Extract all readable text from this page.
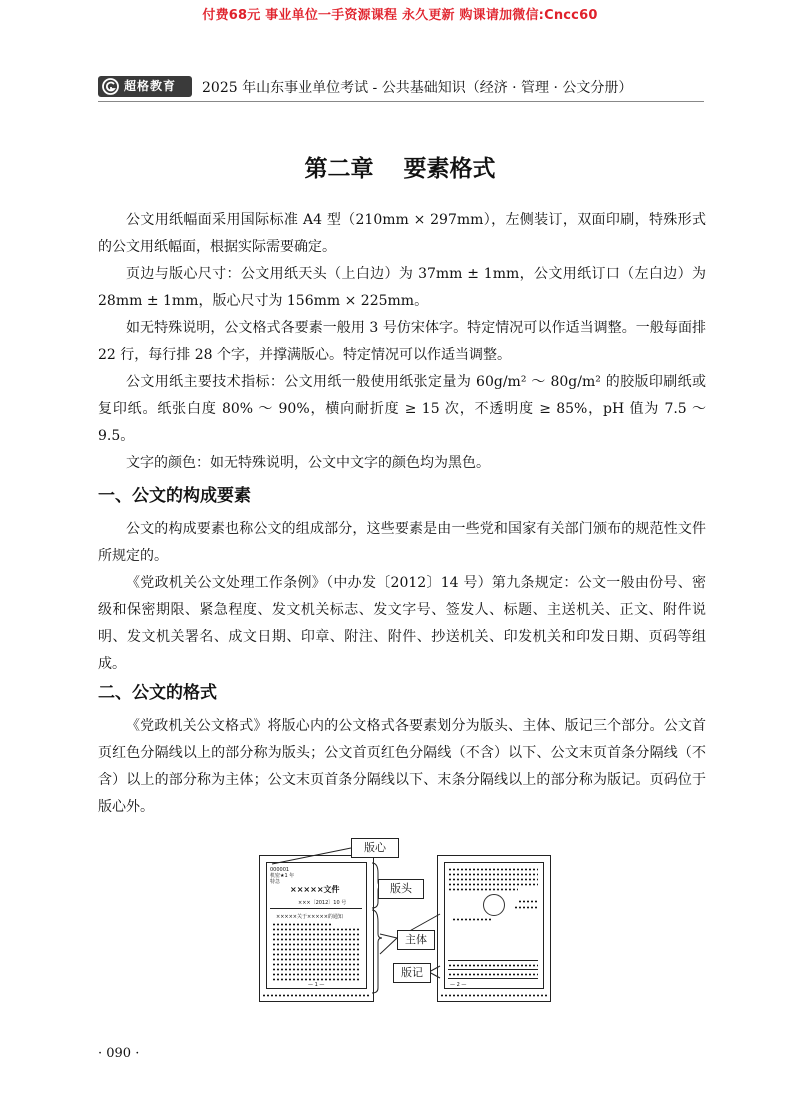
付费68元 事业单位一手资源课程 永久更新 购课请加微信:Cncc60
超格教育 2025 年山东事业单位考试 - 公共基础知识（经济 · 管理 · 公文分册）
第二章 要素格式

公文用纸幅面采用国际标准 A4 型（210mm × 297mm），左侧装订，双面印刷，特殊形式的公文用纸幅面，根据实际需要确定。

页边与版心尺寸：公文用纸天头（上白边）为 37mm ± 1mm，公文用纸订口（左白边）为 28mm ± 1mm，版心尺寸为 156mm × 225mm。

如无特殊说明，公文格式各要素一般用 3 号仿宋体字。特定情况可以作适当调整。一般每面排 22 行，每行排 28 个字，并撑满版心。特定情况可以作适当调整。

公文用纸主要技术指标：公文用纸一般使用纸张定量为 60g/m² ～ 80g/m² 的胶版印刷纸或复印纸。纸张白度 80% ～ 90%，横向耐折度 ≥ 15 次，不透明度 ≥ 85%，pH 值为 7.5 ～ 9.5。

文字的颜色：如无特殊说明，公文中文字的颜色均为黑色。

一、公文的构成要素

公文的构成要素也称公文的组成部分，这些要素是由一些党和国家有关部门颁布的规范性文件所规定的。

《党政机关公文处理工作条例》（中办发〔2012〕14 号）第九条规定：公文一般由份号、密级和保密期限、紧急程度、发文机关标志、发文字号、签发人、标题、主送机关、正文、附件说明、发文机关署名、成文日期、印章、附注、附件、抄送机关、印发机关和印发日期、页码等组成。

二、公文的格式

《党政机关公文格式》将版心内的公文格式各要素划分为版头、主体、版记三个部分。公文首页红色分隔线以上的部分称为版头；公文首页红色分隔线（不含）以下、公文末页首条分隔线（不含）以上的部分称为主体；公文末页首条分隔线以下、末条分隔线以上的部分称为版记。页码位于版心外。

000001
机密★1 年
特急
×××××文件
×××〔2012〕10 号
×××××关于×××××的通知
— 1 —	— 2 —
版心
版头
主体
版记
· 090 ·
